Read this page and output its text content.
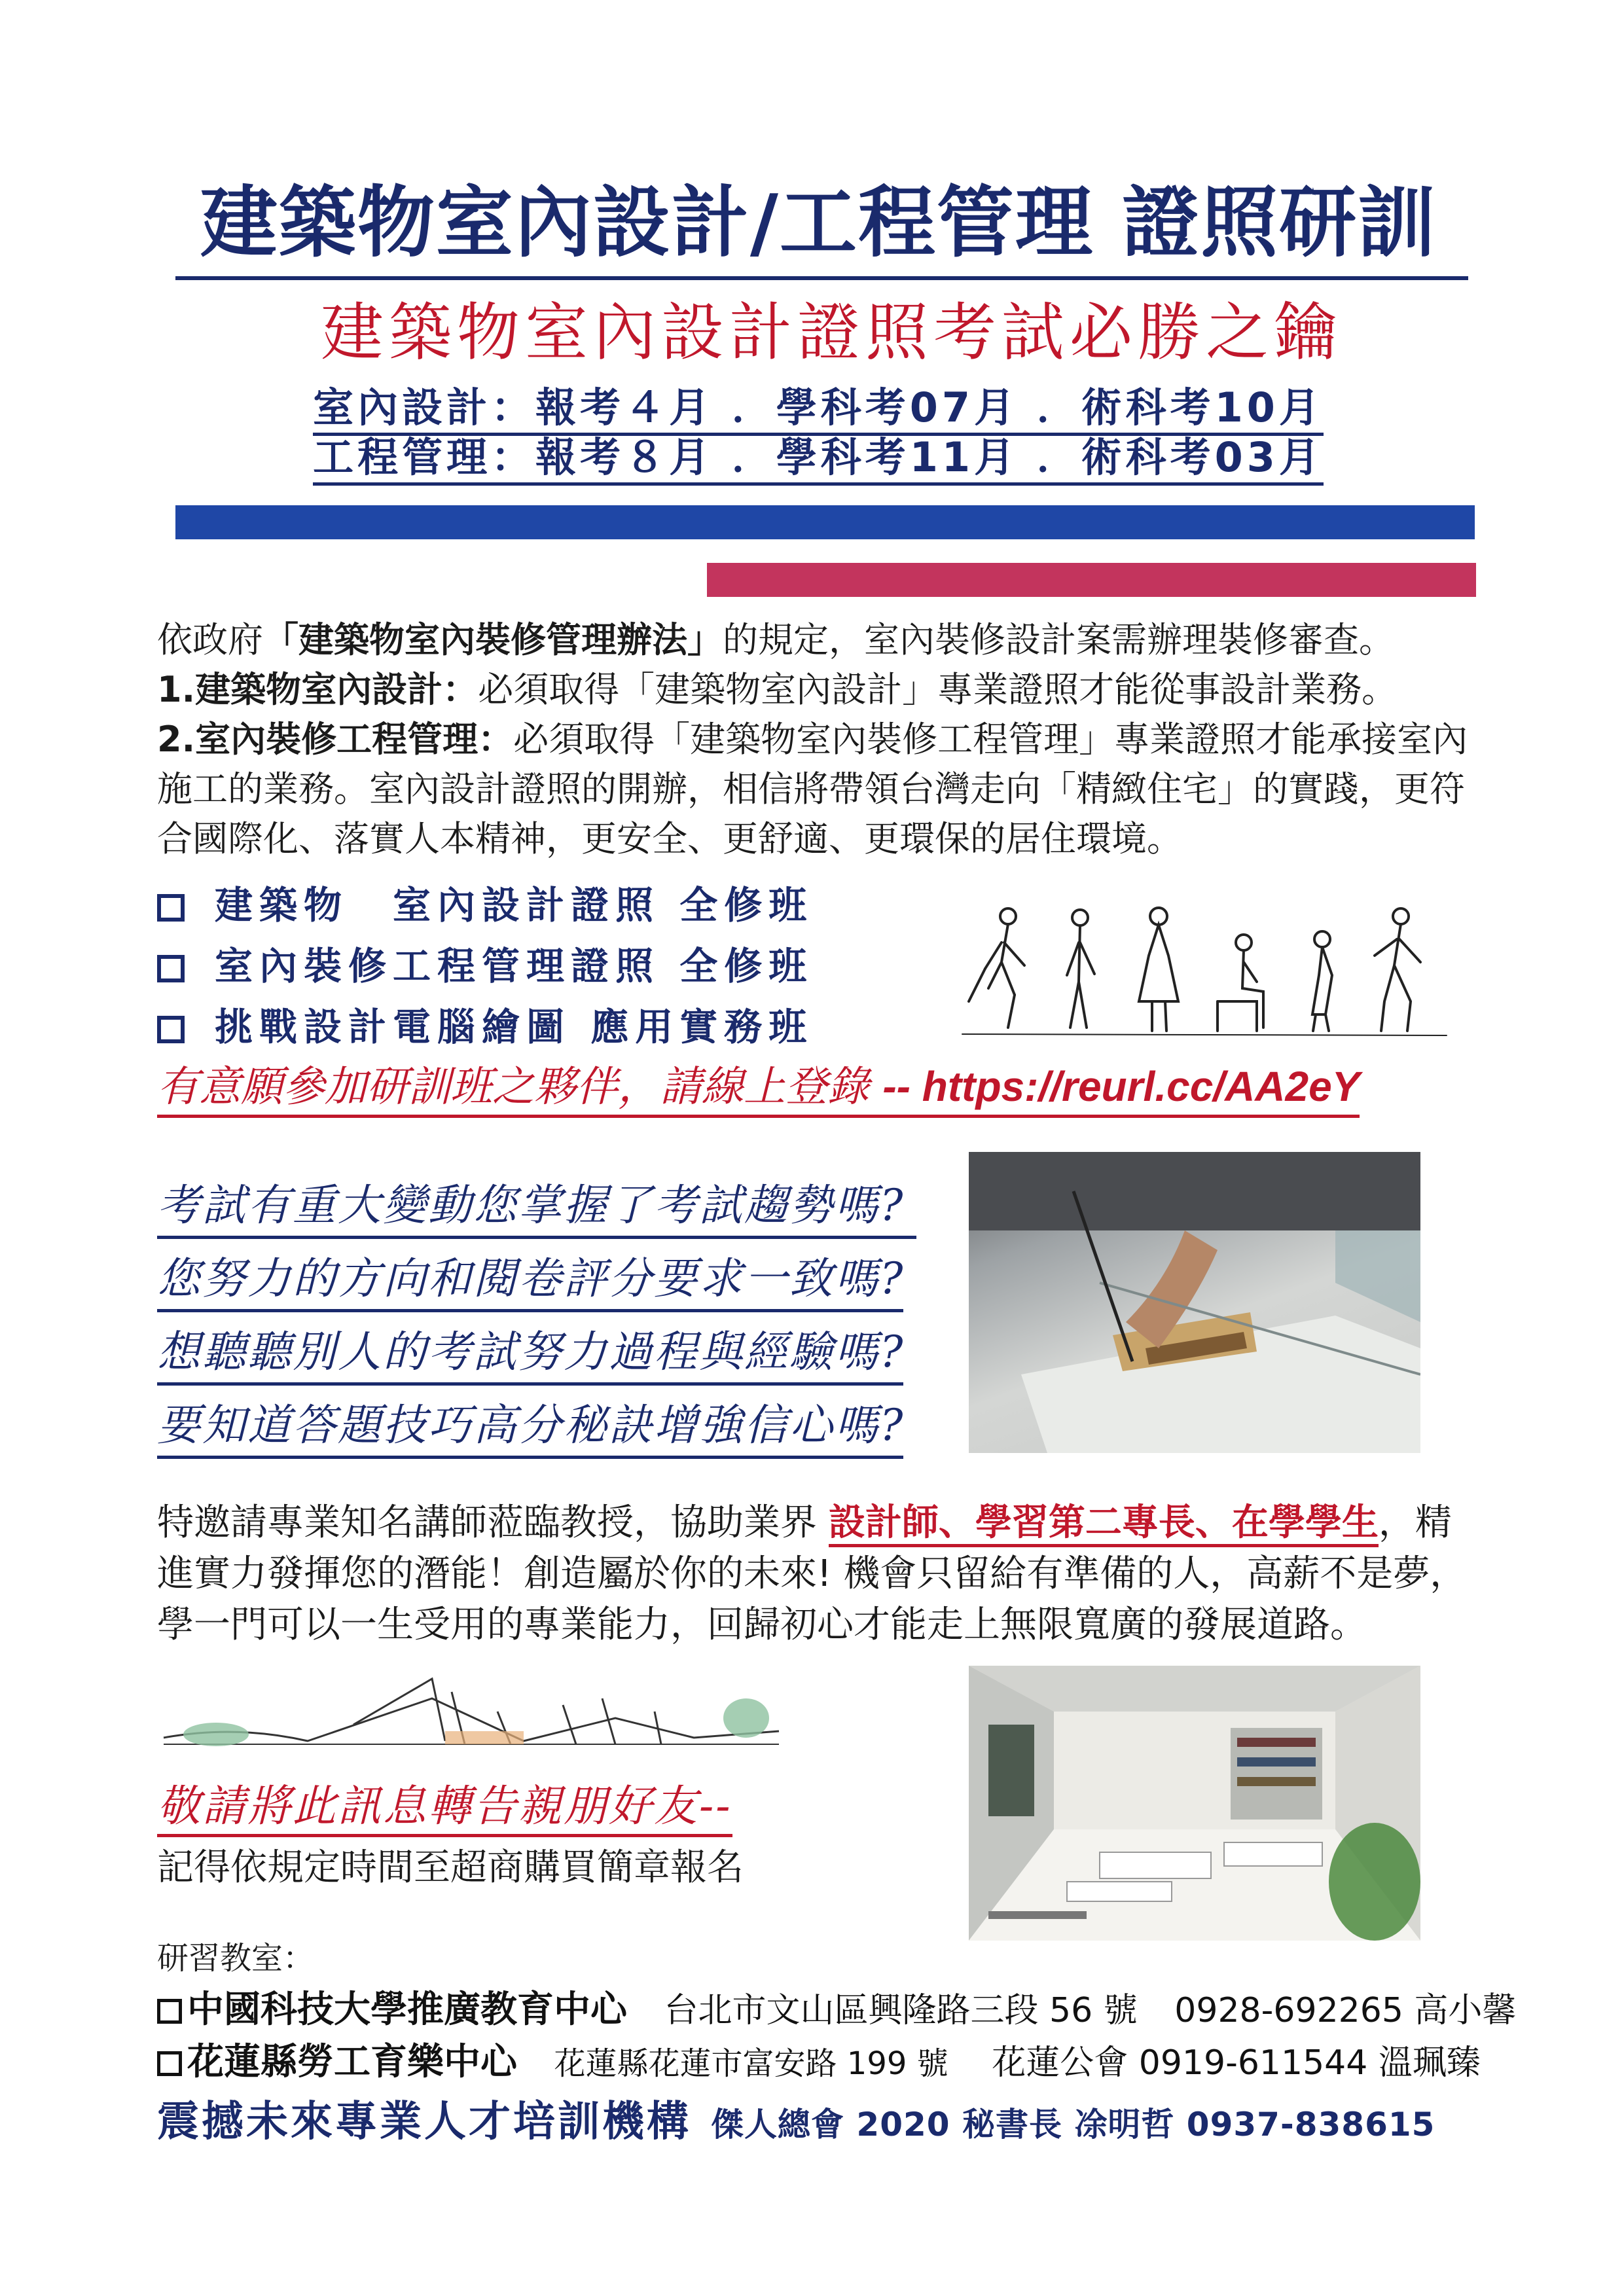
建築物室內設計/工程管理 證照研訓
建築物室內設計證照考試必勝之鑰
室內設計：報考４月 ．學科考07月 ．術科考10月
工程管理：報考８月 ．學科考11月 ．術科考03月
依政府「建築物室內裝修管理辦法」的規定，室內裝修設計案需辦理裝修審查。
1.建築物室內設計：必須取得「建築物室內設計」專業證照才能從事設計業務。
2.室內裝修工程管理：必須取得「建築物室內裝修工程管理」專業證照才能承接室內施工的業務。室內設計證照的開辦，相信將帶領台灣走向「精緻住宅」的實踐，更符合國際化、落實人本精神，更安全、更舒適、更環保的居住環境。
建築物　室內設計證照 全修班
室內裝修工程管理證照 全修班
挑戰設計電腦繪圖 應用實務班
有意願參加研訓班之夥伴，請線上登錄 -- https://reurl.cc/AA2eY
考試有重大變動您掌握了考試趨勢嗎?
您努力的方向和閱卷評分要求一致嗎?
想聽聽別人的考試努力過程與經驗嗎?
要知道答題技巧高分秘訣增強信心嗎?
特邀請專業知名講師蒞臨教授，協助業界 設計師、學習第二專長、在學學生，精進實力發揮您的潛能！創造屬於你的未來! 機會只留給有準備的人，高薪不是夢，學一門可以一生受用的專業能力，回歸初心才能走上無限寬廣的發展道路。
敬請將此訊息轉告親朋好友--
記得依規定時間至超商購買簡章報名
研習教室：
中國科技大學推廣教育中心 台北市文山區興隆路三段 56 號 0928-692265 高小馨
花蓮縣勞工育樂中心 花蓮縣花蓮市富安路 199 號 花蓮公會 0919-611544 溫珮臻
震撼未來專業人才培訓機構 傑人總會 2020 秘書長 凃明哲 0937-838615
